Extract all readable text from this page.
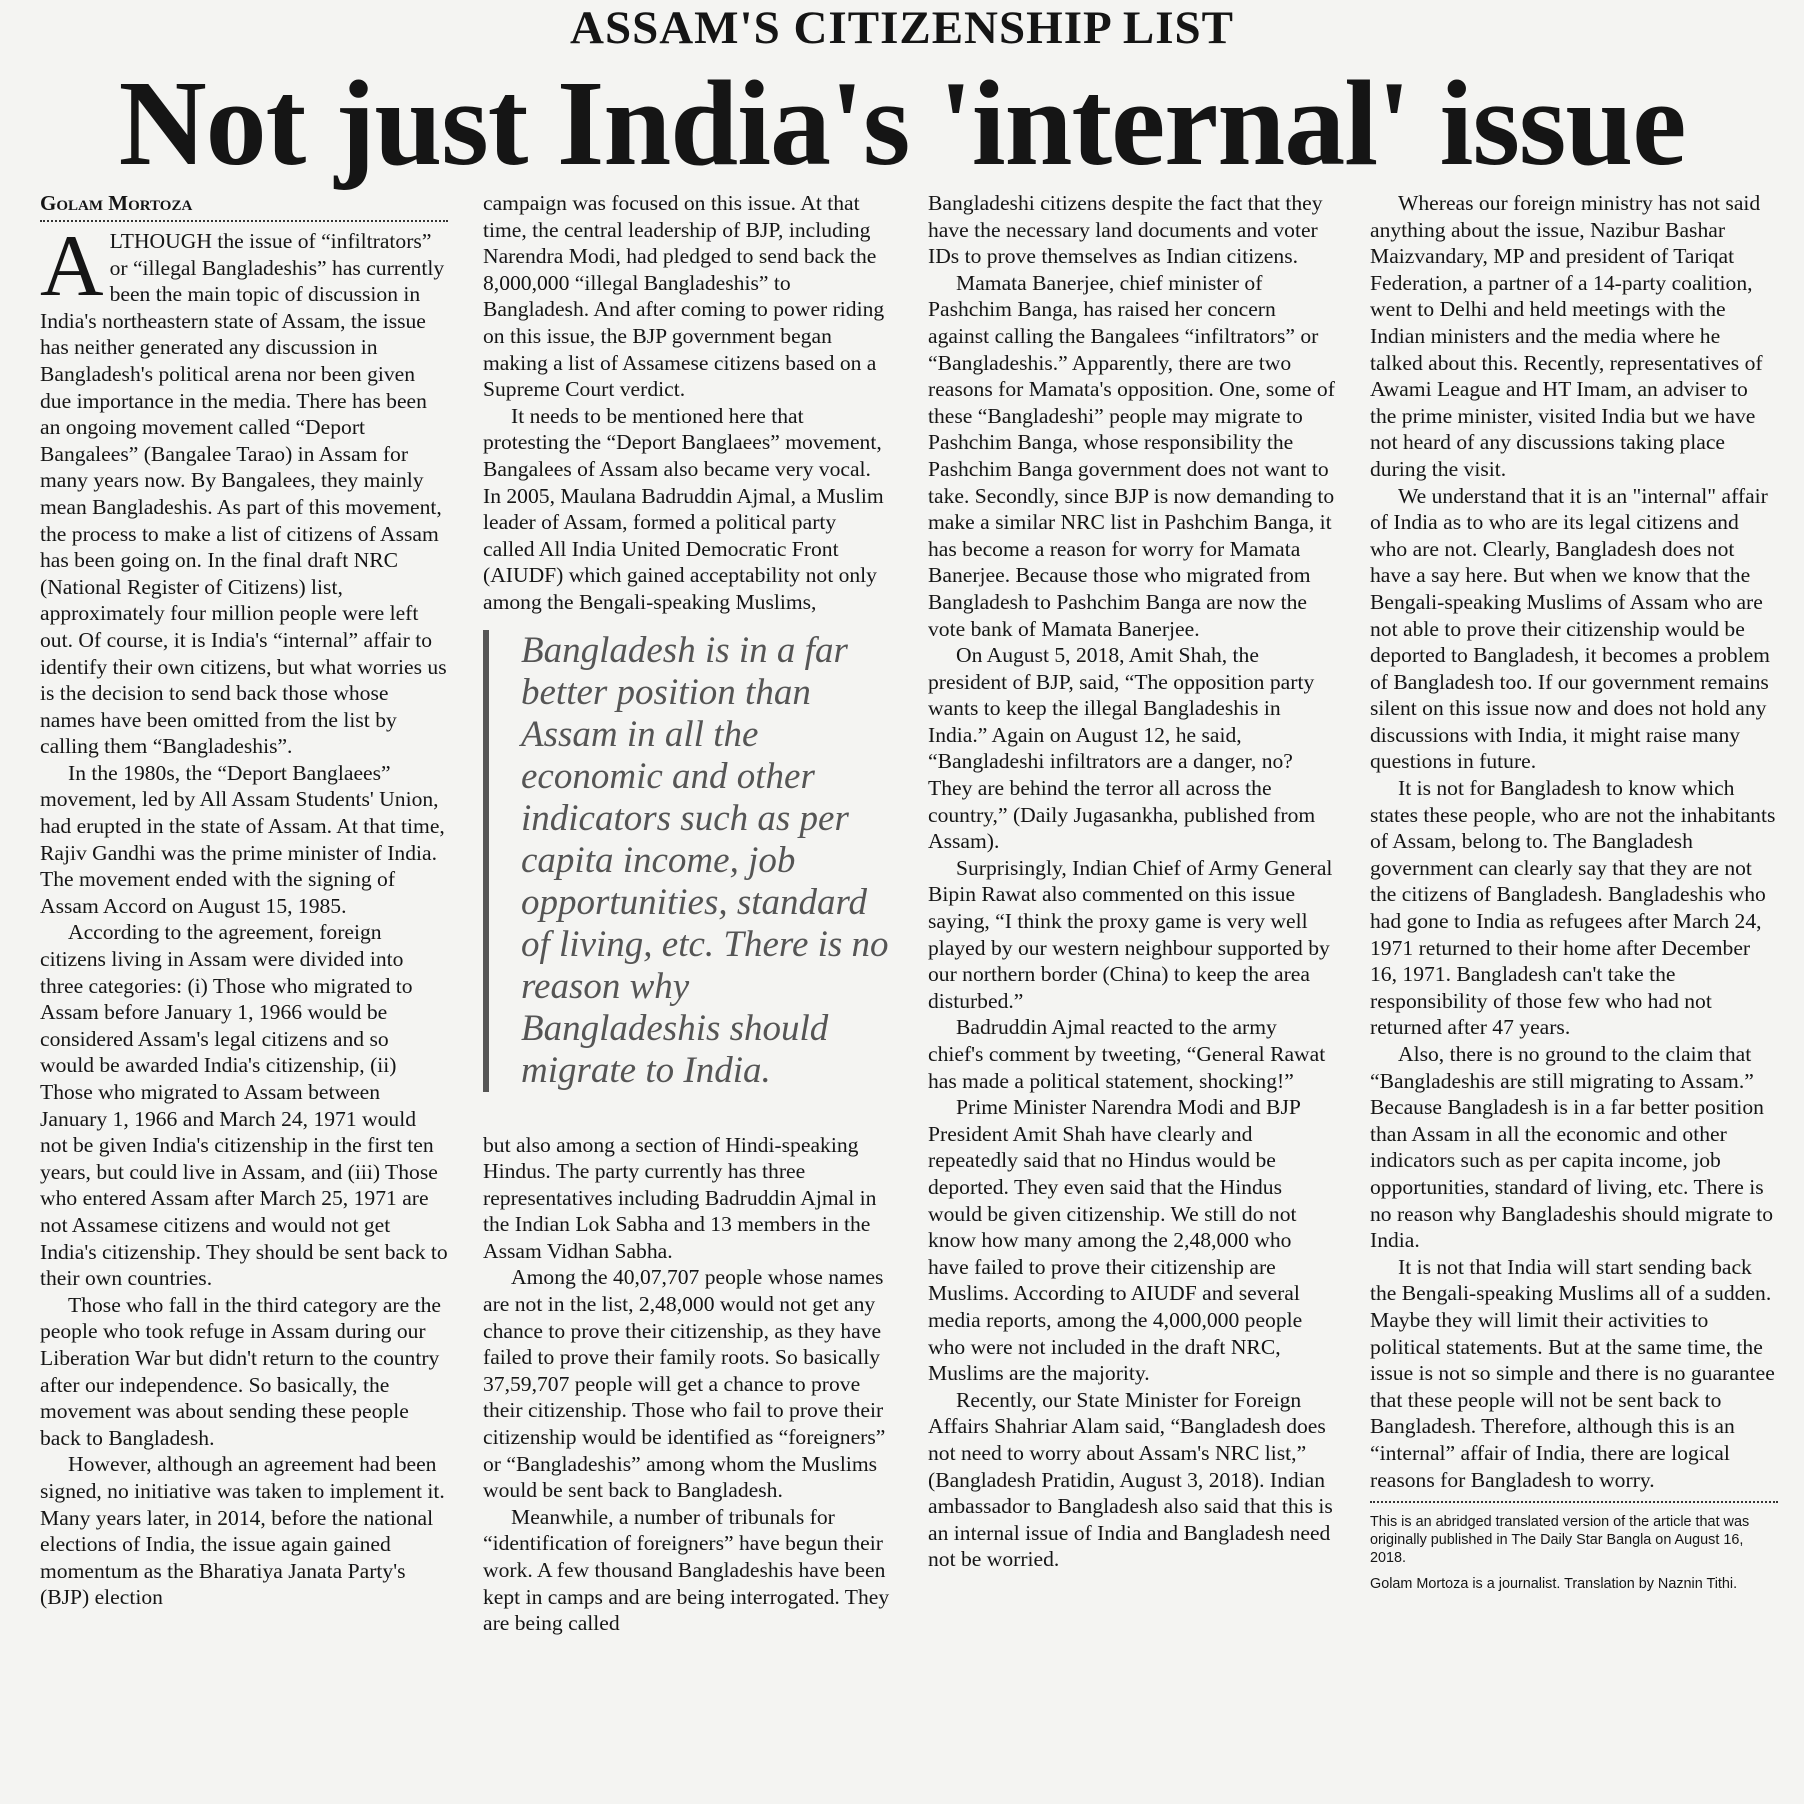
ASSAM'S CITIZENSHIP LIST
Not just India's 'internal' issue
Golam Mortoza

ALTHOUGH the issue of “infiltrators” or “illegal Bangladeshis” has currently been the main topic of discussion in India's northeastern state of Assam, the issue has neither generated any discussion in Bangladesh's political arena nor been given due importance in the media. There has been an ongoing movement called “Deport Bangalees” (Bangalee Tarao) in Assam for many years now. By Bangalees, they mainly mean Bangladeshis. As part of this movement, the process to make a list of citizens of Assam has been going on. In the final draft NRC (National Register of Citizens) list, approximately four million people were left out. Of course, it is India's “internal” affair to identify their own citizens, but what worries us is the decision to send back those whose names have been omitted from the list by calling them “Bangladeshis”.

In the 1980s, the “Deport Banglaees” movement, led by All Assam Students' Union, had erupted in the state of Assam. At that time, Rajiv Gandhi was the prime minister of India. The movement ended with the signing of Assam Accord on August 15, 1985.

According to the agreement, foreign citizens living in Assam were divided into three categories: (i) Those who migrated to Assam before January 1, 1966 would be considered Assam's legal citizens and so would be awarded India's citizenship, (ii) Those who migrated to Assam between January 1, 1966 and March 24, 1971 would not be given India's citizenship in the first ten years, but could live in Assam, and (iii) Those who entered Assam after March 25, 1971 are not Assamese citizens and would not get India's citizenship. They should be sent back to their own countries.

Those who fall in the third category are the people who took refuge in Assam during our Liberation War but didn't return to the country after our independence. So basically, the movement was about sending these people back to Bangladesh.

However, although an agreement had been signed, no initiative was taken to implement it. Many years later, in 2014, before the national elections of India, the issue again gained momentum as the Bharatiya Janata Party's (BJP) election

campaign was focused on this issue. At that time, the central leadership of BJP, including Narendra Modi, had pledged to send back the 8,000,000 “illegal Bangladeshis” to Bangladesh. And after coming to power riding on this issue, the BJP government began making a list of Assamese citizens based on a Supreme Court verdict.

It needs to be mentioned here that protesting the “Deport Banglaees” movement, Bangalees of Assam also became very vocal. In 2005, Maulana Badruddin Ajmal, a Muslim leader of Assam, formed a political party called All India United Democratic Front (AIUDF) which gained acceptability not only among the Bengali-speaking Muslims,

Bangladesh is in a far better position than Assam in all the economic and other indicators such as per capita income, job opportunities, standard of living, etc. There is no reason why Bangladeshis should migrate to India.

but also among a section of Hindi-speaking Hindus. The party currently has three representatives including Badruddin Ajmal in the Indian Lok Sabha and 13 members in the Assam Vidhan Sabha.

Among the 40,07,707 people whose names are not in the list, 2,48,000 would not get any chance to prove their citizenship, as they have failed to prove their family roots. So basically 37,59,707 people will get a chance to prove their citizenship. Those who fail to prove their citizenship would be identified as “foreigners” or “Bangladeshis” among whom the Muslims would be sent back to Bangladesh.

Meanwhile, a number of tribunals for “identification of foreigners” have begun their work. A few thousand Bangladeshis have been kept in camps and are being interrogated. They are being called

Bangladeshi citizens despite the fact that they have the necessary land documents and voter IDs to prove themselves as Indian citizens.

Mamata Banerjee, chief minister of Pashchim Banga, has raised her concern against calling the Bangalees “infiltrators” or “Bangladeshis.” Apparently, there are two reasons for Mamata's opposition. One, some of these “Bangladeshi” people may migrate to Pashchim Banga, whose responsibility the Pashchim Banga government does not want to take. Secondly, since BJP is now demanding to make a similar NRC list in Pashchim Banga, it has become a reason for worry for Mamata Banerjee. Because those who migrated from Bangladesh to Pashchim Banga are now the vote bank of Mamata Banerjee.

On August 5, 2018, Amit Shah, the president of BJP, said, “The opposition party wants to keep the illegal Bangladeshis in India.” Again on August 12, he said, “Bangladeshi infiltrators are a danger, no? They are behind the terror all across the country,” (Daily Jugasankha, published from Assam).

Surprisingly, Indian Chief of Army General Bipin Rawat also commented on this issue saying, “I think the proxy game is very well played by our western neighbour supported by our northern border (China) to keep the area disturbed.”

Badruddin Ajmal reacted to the army chief's comment by tweeting, “General Rawat has made a political statement, shocking!”

Prime Minister Narendra Modi and BJP President Amit Shah have clearly and repeatedly said that no Hindus would be deported. They even said that the Hindus would be given citizenship. We still do not know how many among the 2,48,000 who have failed to prove their citizenship are Muslims. According to AIUDF and several media reports, among the 4,000,000 people who were not included in the draft NRC, Muslims are the majority.

Recently, our State Minister for Foreign Affairs Shahriar Alam said, “Bangladesh does not need to worry about Assam's NRC list,” (Bangladesh Pratidin, August 3, 2018). Indian ambassador to Bangladesh also said that this is an internal issue of India and Bangladesh need not be worried.

Whereas our foreign ministry has not said anything about the issue, Nazibur Bashar Maizvandary, MP and president of Tariqat Federation, a partner of a 14-party coalition, went to Delhi and held meetings with the Indian ministers and the media where he talked about this. Recently, representatives of Awami League and HT Imam, an adviser to the prime minister, visited India but we have not heard of any discussions taking place during the visit.

We understand that it is an "internal" affair of India as to who are its legal citizens and who are not. Clearly, Bangladesh does not have a say here. But when we know that the Bengali-speaking Muslims of Assam who are not able to prove their citizenship would be deported to Bangladesh, it becomes a problem of Bangladesh too. If our government remains silent on this issue now and does not hold any discussions with India, it might raise many questions in future.

It is not for Bangladesh to know which states these people, who are not the inhabitants of Assam, belong to. The Bangladesh government can clearly say that they are not the citizens of Bangladesh. Bangladeshis who had gone to India as refugees after March 24, 1971 returned to their home after December 16, 1971. Bangladesh can't take the responsibility of those few who had not returned after 47 years.

Also, there is no ground to the claim that “Bangladeshis are still migrating to Assam.” Because Bangladesh is in a far better position than Assam in all the economic and other indicators such as per capita income, job opportunities, standard of living, etc. There is no reason why Bangladeshis should migrate to India.

It is not that India will start sending back the Bengali-speaking Muslims all of a sudden. Maybe they will limit their activities to political statements. But at the same time, the issue is not so simple and there is no guarantee that these people will not be sent back to Bangladesh. Therefore, although this is an “internal” affair of India, there are logical reasons for Bangladesh to worry.

This is an abridged translated version of the article that was originally published in The Daily Star Bangla on August 16, 2018.

Golam Mortoza is a journalist. Translation by Naznin Tithi.
